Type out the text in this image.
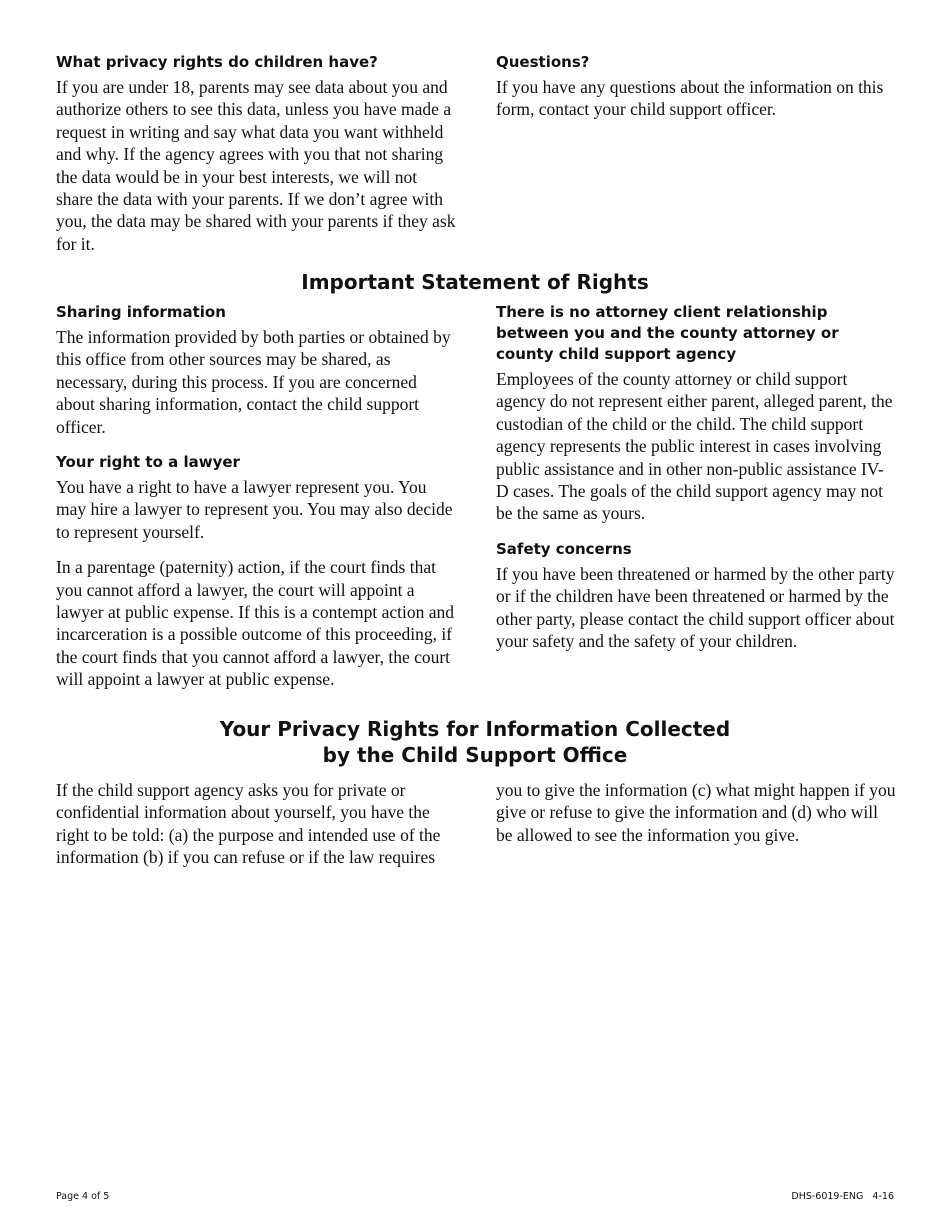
What privacy rights do children have?

If you are under 18, parents may see data about you and authorize others to see this data, unless you have made a request in writing and say what data you want withheld and why. If the agency agrees with you that not sharing the data would be in your best interests, we will not share the data with your parents. If we don’t agree with you, the data may be shared with your parents if they ask for it.

Questions?

If you have any questions about the information on this form, contact your child support officer.

Important Statement of Rights
Sharing information

The information provided by both parties or obtained by this office from other sources may be shared, as necessary, during this process. If you are concerned about sharing information, contact the child support officer.

Your right to a lawyer

You have a right to have a lawyer represent you. You may hire a lawyer to represent you. You may also decide to represent yourself.

In a parentage (paternity) action, if the court finds that you cannot afford a lawyer, the court will appoint a lawyer at public expense. If this is a contempt action and incarceration is a possible outcome of this proceeding, if the court finds that you cannot afford a lawyer, the court will appoint a lawyer at public expense.

There is no attorney client relationship between you and the county attorney or county child support agency

Employees of the county attorney or child support agency do not represent either parent, alleged parent, the custodian of the child or the child. The child support agency represents the public interest in cases involving public assistance and in other non-public assistance IV-D cases. The goals of the child support agency may not be the same as yours.

Safety concerns

If you have been threatened or harmed by the other party or if the children have been threatened or harmed by the other party, please contact the child support officer about your safety and the safety of your children.

Your Privacy Rights for Information Collected
by the Child Support Office

If the child support agency asks you for private or confidential information about yourself, you have the right to be told: (a) the purpose and intended use of the information (b) if you can refuse or if the law requires

you to give the information (c) what might happen if you give or refuse to give the information and (d) who will be allowed to see the information you give.

Page 4 of 5	DHS-6019-ENG   4-16
